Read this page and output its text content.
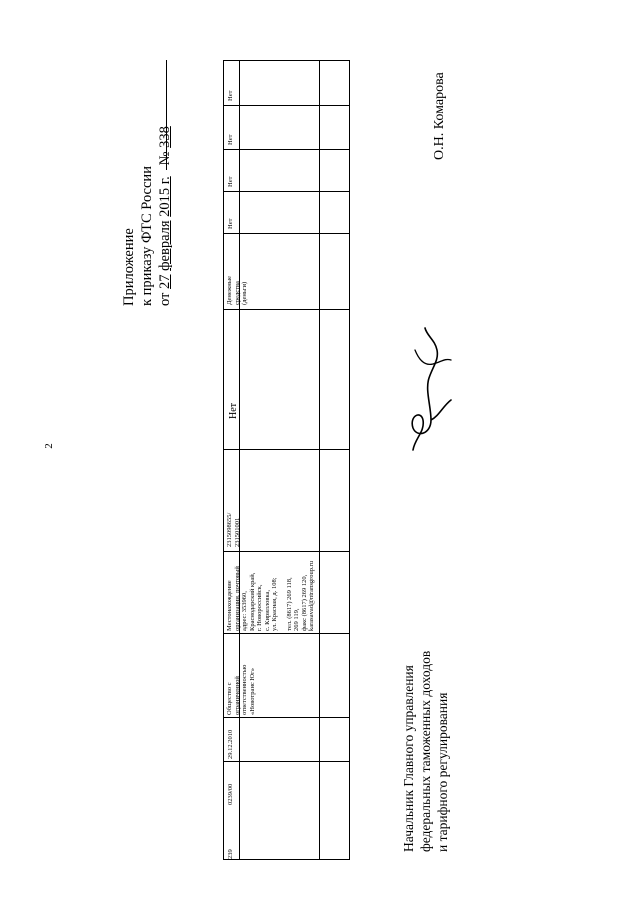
2
Приложение к приказу ФТС России от 27 февраля 2015 г.   № 338
239
0239/00
29.12.2010
Общество с ограниченной ответственностью «Новотранс Юг»
Местонахождение организации, почтовый адрес: 353960, Краснодарский край, г. Новороссийск, с. Кирилловка, ул. Красная, д. 108; тел. (8617) 269 118, 269 119, факс (8617) 269 120, karasavad@ntransgroup.ru
2315098655/ 231501001
Нет
Денежные средства (деньги)
Нет
Нет
Нет
Нет
Начальник Главного управления федеральных таможенных доходов и тарифного регулирования
О.Н. Комарова
